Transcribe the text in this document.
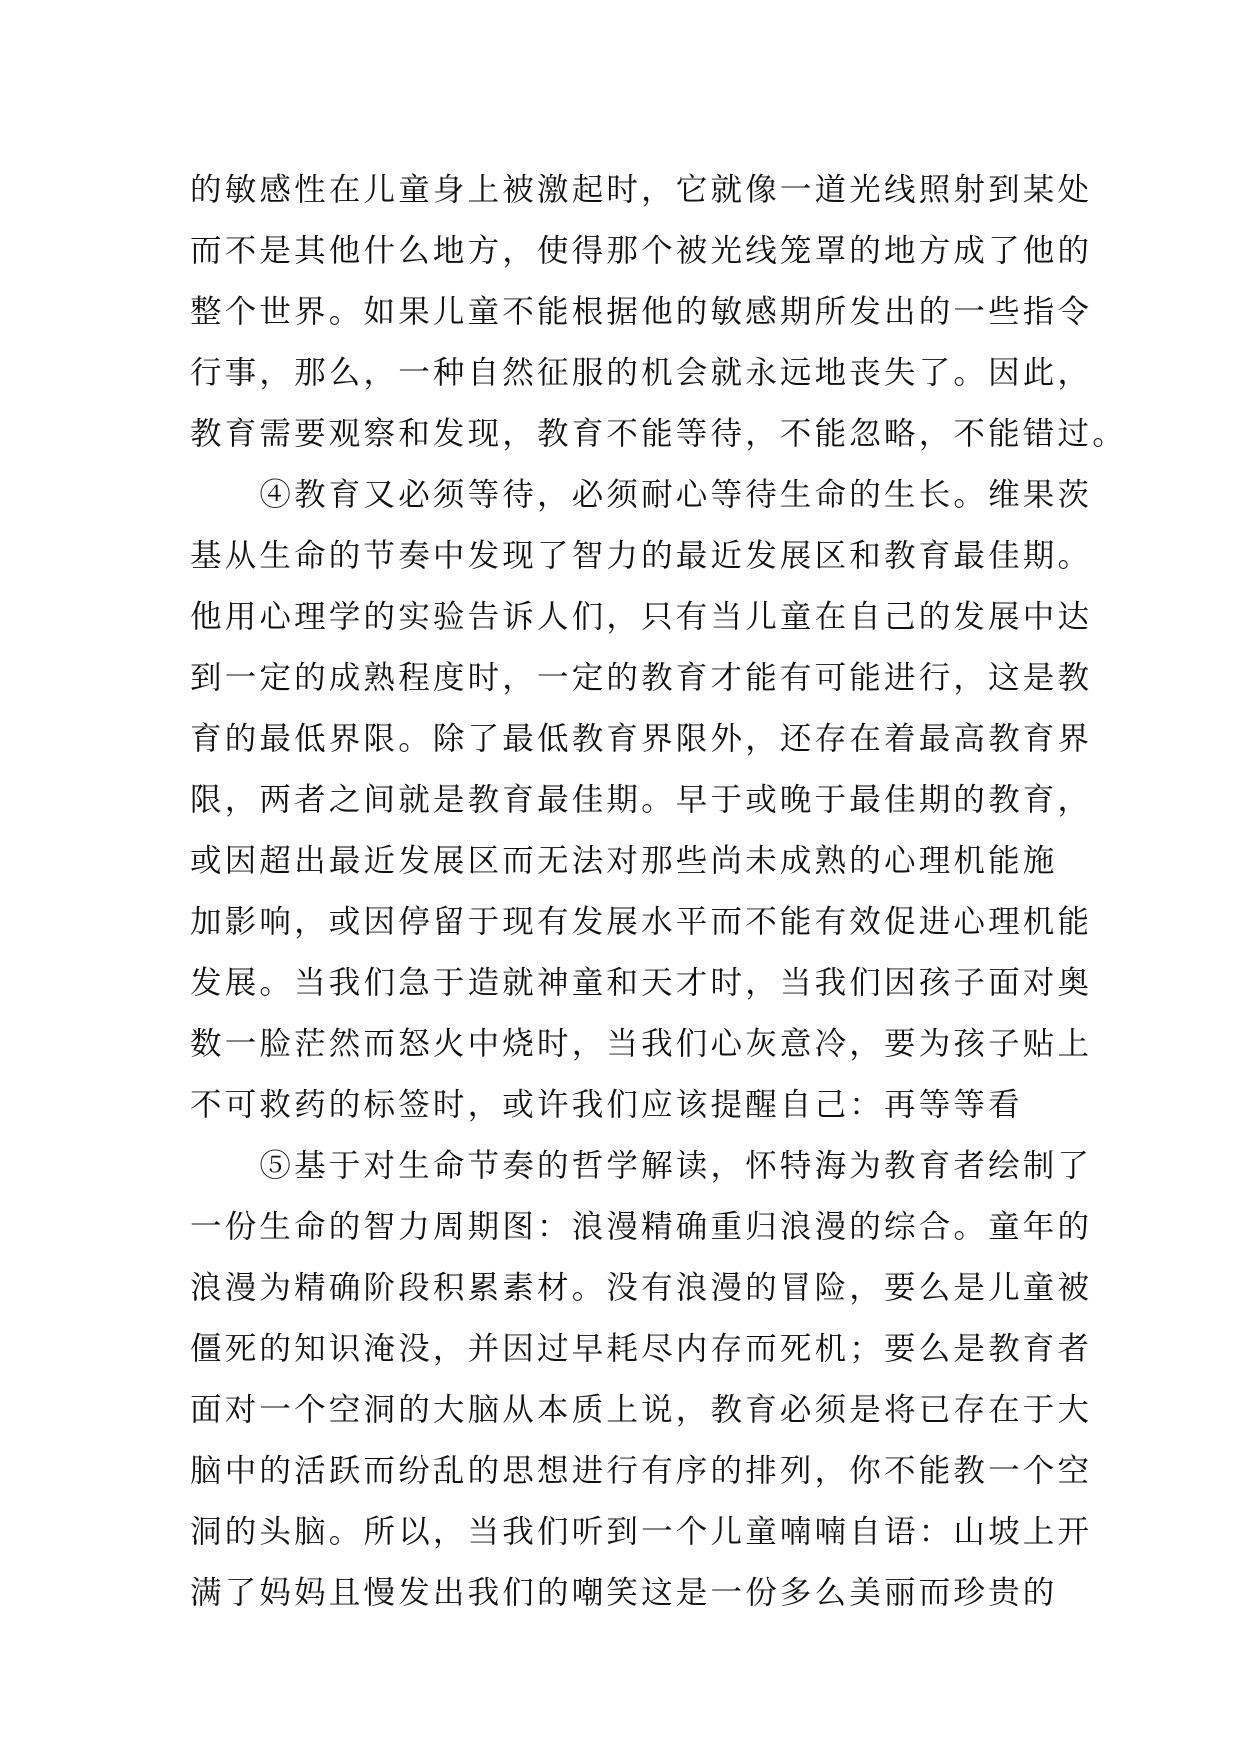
的敏感性在儿童身上被激起时，它就像一道光线照射到某处
而不是其他什么地方，使得那个被光线笼罩的地方成了他的
整个世界。如果儿童不能根据他的敏感期所发出的一些指令
行事，那么，一种自然征服的机会就永远地丧失了。因此，
教育需要观察和发现，教育不能等待，不能忽略，不能错过。
　　④教育又必须等待，必须耐心等待生命的生长。维果茨
基从生命的节奏中发现了智力的最近发展区和教育最佳期。
他用心理学的实验告诉人们，只有当儿童在自己的发展中达
到一定的成熟程度时，一定的教育才能有可能进行，这是教
育的最低界限。除了最低教育界限外，还存在着最高教育界
限，两者之间就是教育最佳期。早于或晚于最佳期的教育，
或因超出最近发展区而无法对那些尚未成熟的心理机能施
加影响，或因停留于现有发展水平而不能有效促进心理机能
发展。当我们急于造就神童和天才时，当我们因孩子面对奥
数一脸茫然而怒火中烧时，当我们心灰意冷，要为孩子贴上
不可救药的标签时，或许我们应该提醒自己：再等等看
　　⑤基于对生命节奏的哲学解读，怀特海为教育者绘制了
一份生命的智力周期图：浪漫精确重归浪漫的综合。童年的
浪漫为精确阶段积累素材。没有浪漫的冒险，要么是儿童被
僵死的知识淹没，并因过早耗尽内存而死机；要么是教育者
面对一个空洞的大脑从本质上说，教育必须是将已存在于大
脑中的活跃而纷乱的思想进行有序的排列，你不能教一个空
洞的头脑。所以，当我们听到一个儿童喃喃自语：山坡上开
满了妈妈且慢发出我们的嘲笑这是一份多么美丽而珍贵的
